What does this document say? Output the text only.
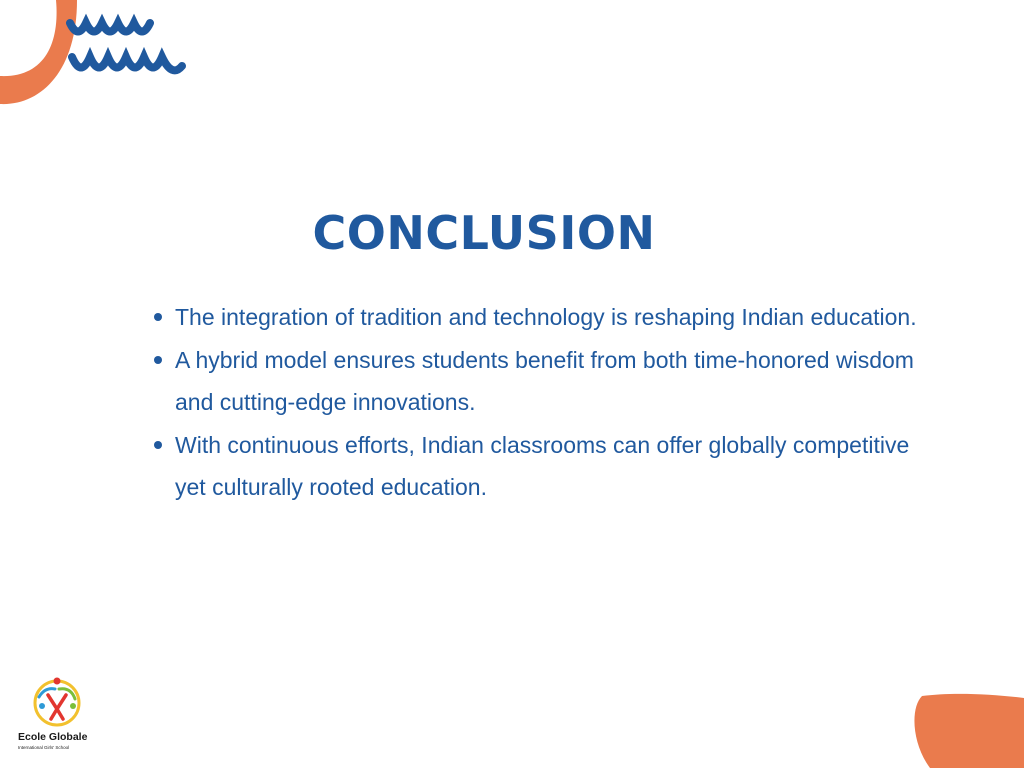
CONCLUSION
The integration of tradition and technology is reshaping Indian education.
A hybrid model ensures students benefit from both time-honored wisdom and cutting-edge innovations.
With continuous efforts, Indian classrooms can offer globally competitive yet culturally rooted education.
Ecole Globale
International Girls' School
